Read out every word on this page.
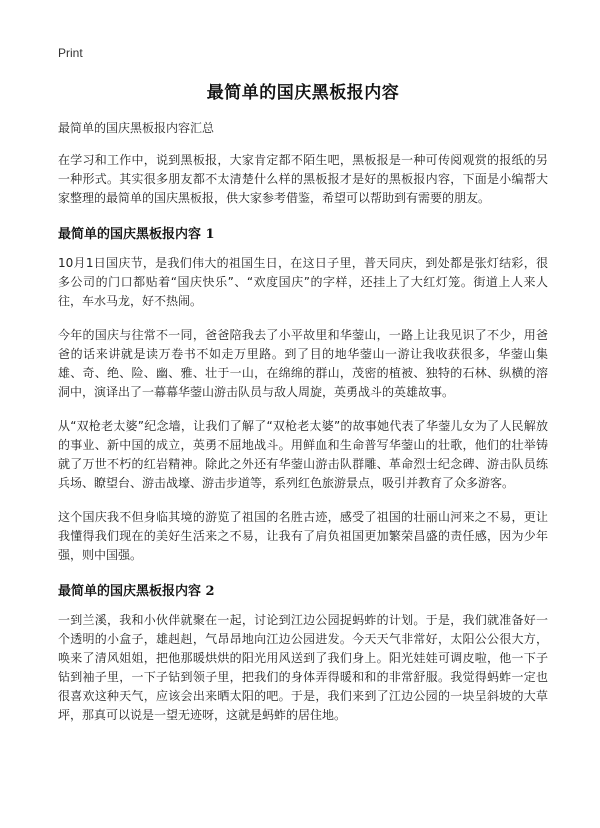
Print
最简单的国庆黑板报内容
最简单的国庆黑板报内容汇总

在学习和工作中，说到黑板报，大家肯定都不陌生吧，黑板报是一种可传阅观赏的报纸的另一种形式。其实很多朋友都不太清楚什么样的黑板报才是好的黑板报内容，下面是小编帮大家整理的最简单的国庆黑板报，供大家参考借鉴，希望可以帮助到有需要的朋友。

最简单的国庆黑板报内容 1

10月1日国庆节，是我们伟大的祖国生日，在这日子里，普天同庆，到处都是张灯结彩，很多公司的门口都贴着“国庆快乐”、“欢度国庆”的字样，还挂上了大红灯笼。街道上人来人往，车水马龙，好不热闹。

今年的国庆与往常不一同，爸爸陪我去了小平故里和华蓥山，一路上让我见识了不少，用爸爸的话来讲就是读万卷书不如走万里路。到了目的地华蓥山一游让我收获很多，华蓥山集雄、奇、绝、险、幽、雅、壮于一山，在绵绵的群山，茂密的植被、独特的石林、纵横的溶洞中，演译出了一幕幕华蓥山游击队员与敌人周旋，英勇战斗的英雄故事。

从“双枪老太婆”纪念墙，让我们了解了“双枪老太婆”的故事她代表了华蓥儿女为了人民解放的事业、新中国的成立，英勇不屈地战斗。用鲜血和生命普写华蓥山的壮歌，他们的壮举铸就了万世不朽的红岩精神。除此之外还有华蓥山游击队群雕、革命烈士纪念碑、游击队员练兵场、瞭望台、游击战壕、游击步道等，系列红色旅游景点，吸引并教育了众多游客。

这个国庆我不但身临其境的游览了祖国的名胜古迹，感受了祖国的壮丽山河来之不易，更让我懂得我们现在的美好生活来之不易，让我有了肩负祖国更加繁荣昌盛的责任感，因为少年强，则中国强。

最简单的国庆黑板报内容 2

一到兰溪，我和小伙伴就聚在一起，讨论到江边公园捉蚂蚱的计划。于是，我们就准备好一个透明的小盒子，雄赳赳，气昂昂地向江边公园进发。今天天气非常好，太阳公公很大方，唤来了清风姐姐，把他那暖烘烘的阳光用风送到了我们身上。阳光娃娃可调皮啦，他一下子钻到袖子里，一下子钻到领子里，把我们的身体弄得暖和和的非常舒服。我觉得蚂蚱一定也很喜欢这种天气，应该会出来晒太阳的吧。于是，我们来到了江边公园的一块呈斜坡的大草坪，那真可以说是一望无迹呀，这就是蚂蚱的居住地。
